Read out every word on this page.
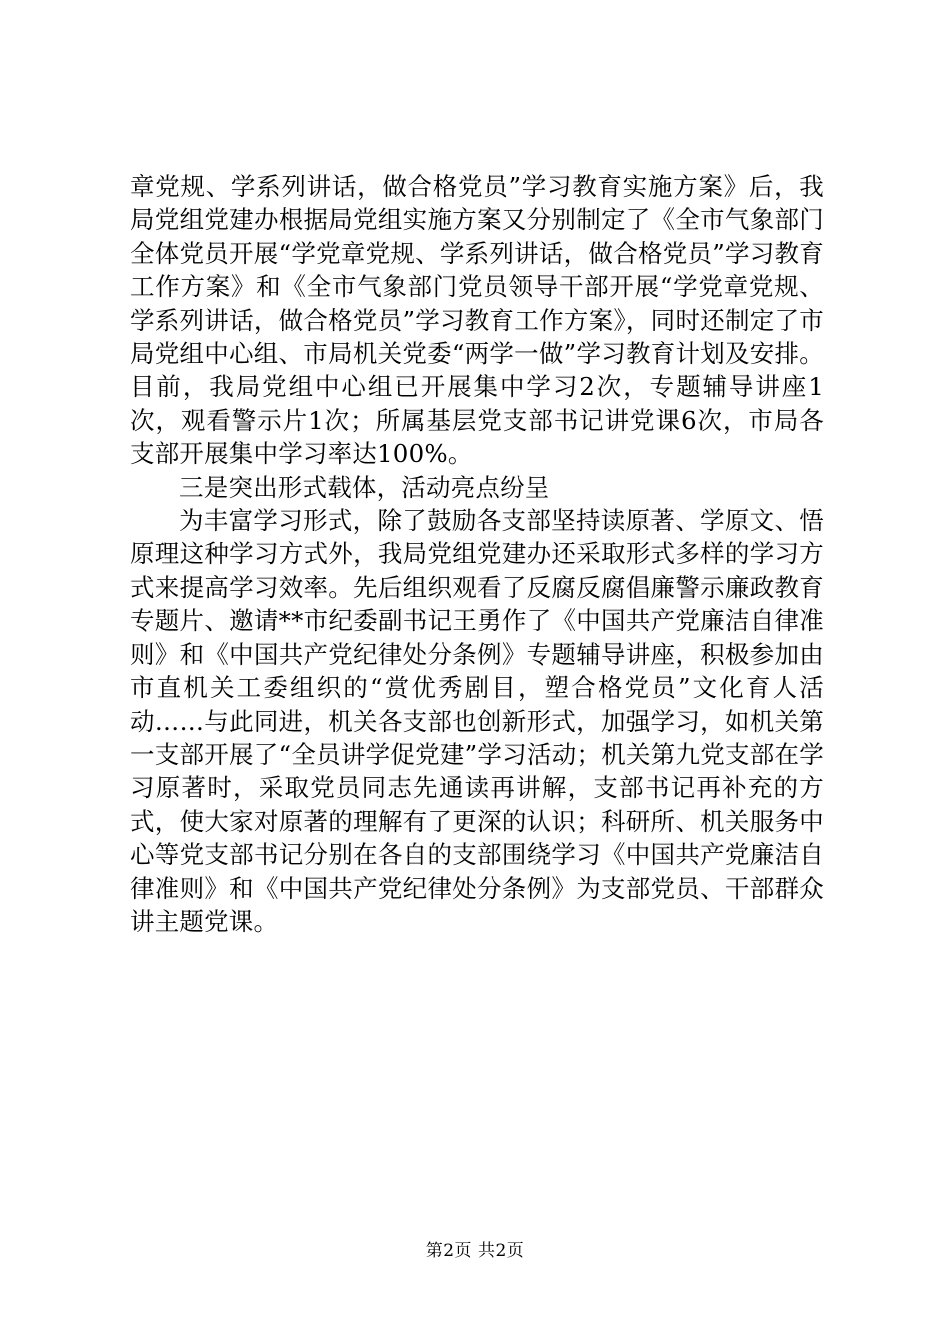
章党规、学系列讲话，做合格党员”学习教育实施方案》后，我局党组党建办根据局党组实施方案又分别制定了《全市气象部门全体党员开展“学党章党规、学系列讲话，做合格党员”学习教育工作方案》和《全市气象部门党员领导干部开展“学党章党规、学系列讲话，做合格党员”学习教育工作方案》，同时还制定了市局党组中心组、市局机关党委“两学一做”学习教育计划及安排。目前，我局党组中心组已开展集中学习2次，专题辅导讲座1次，观看警示片1次；所属基层党支部书记讲党课6次，市局各支部开展集中学习率达100%。

三是突出形式载体，活动亮点纷呈

为丰富学习形式，除了鼓励各支部坚持读原著、学原文、悟原理这种学习方式外，我局党组党建办还采取形式多样的学习方式来提高学习效率。先后组织观看了反腐反腐倡廉警示廉政教育专题片、邀请**市纪委副书记王勇作了《中国共产党廉洁自律准则》和《中国共产党纪律处分条例》专题辅导讲座，积极参加由市直机关工委组织的“赏优秀剧目，塑合格党员”文化育人活动……与此同进，机关各支部也创新形式，加强学习，如机关第一支部开展了“全员讲学促党建”学习活动；机关第九党支部在学习原著时，采取党员同志先通读再讲解，支部书记再补充的方式，使大家对原著的理解有了更深的认识；科研所、机关服务中心等党支部书记分别在各自的支部围绕学习《中国共产党廉洁自律准则》和《中国共产党纪律处分条例》为支部党员、干部群众讲主题党课。

第2页 共2页
